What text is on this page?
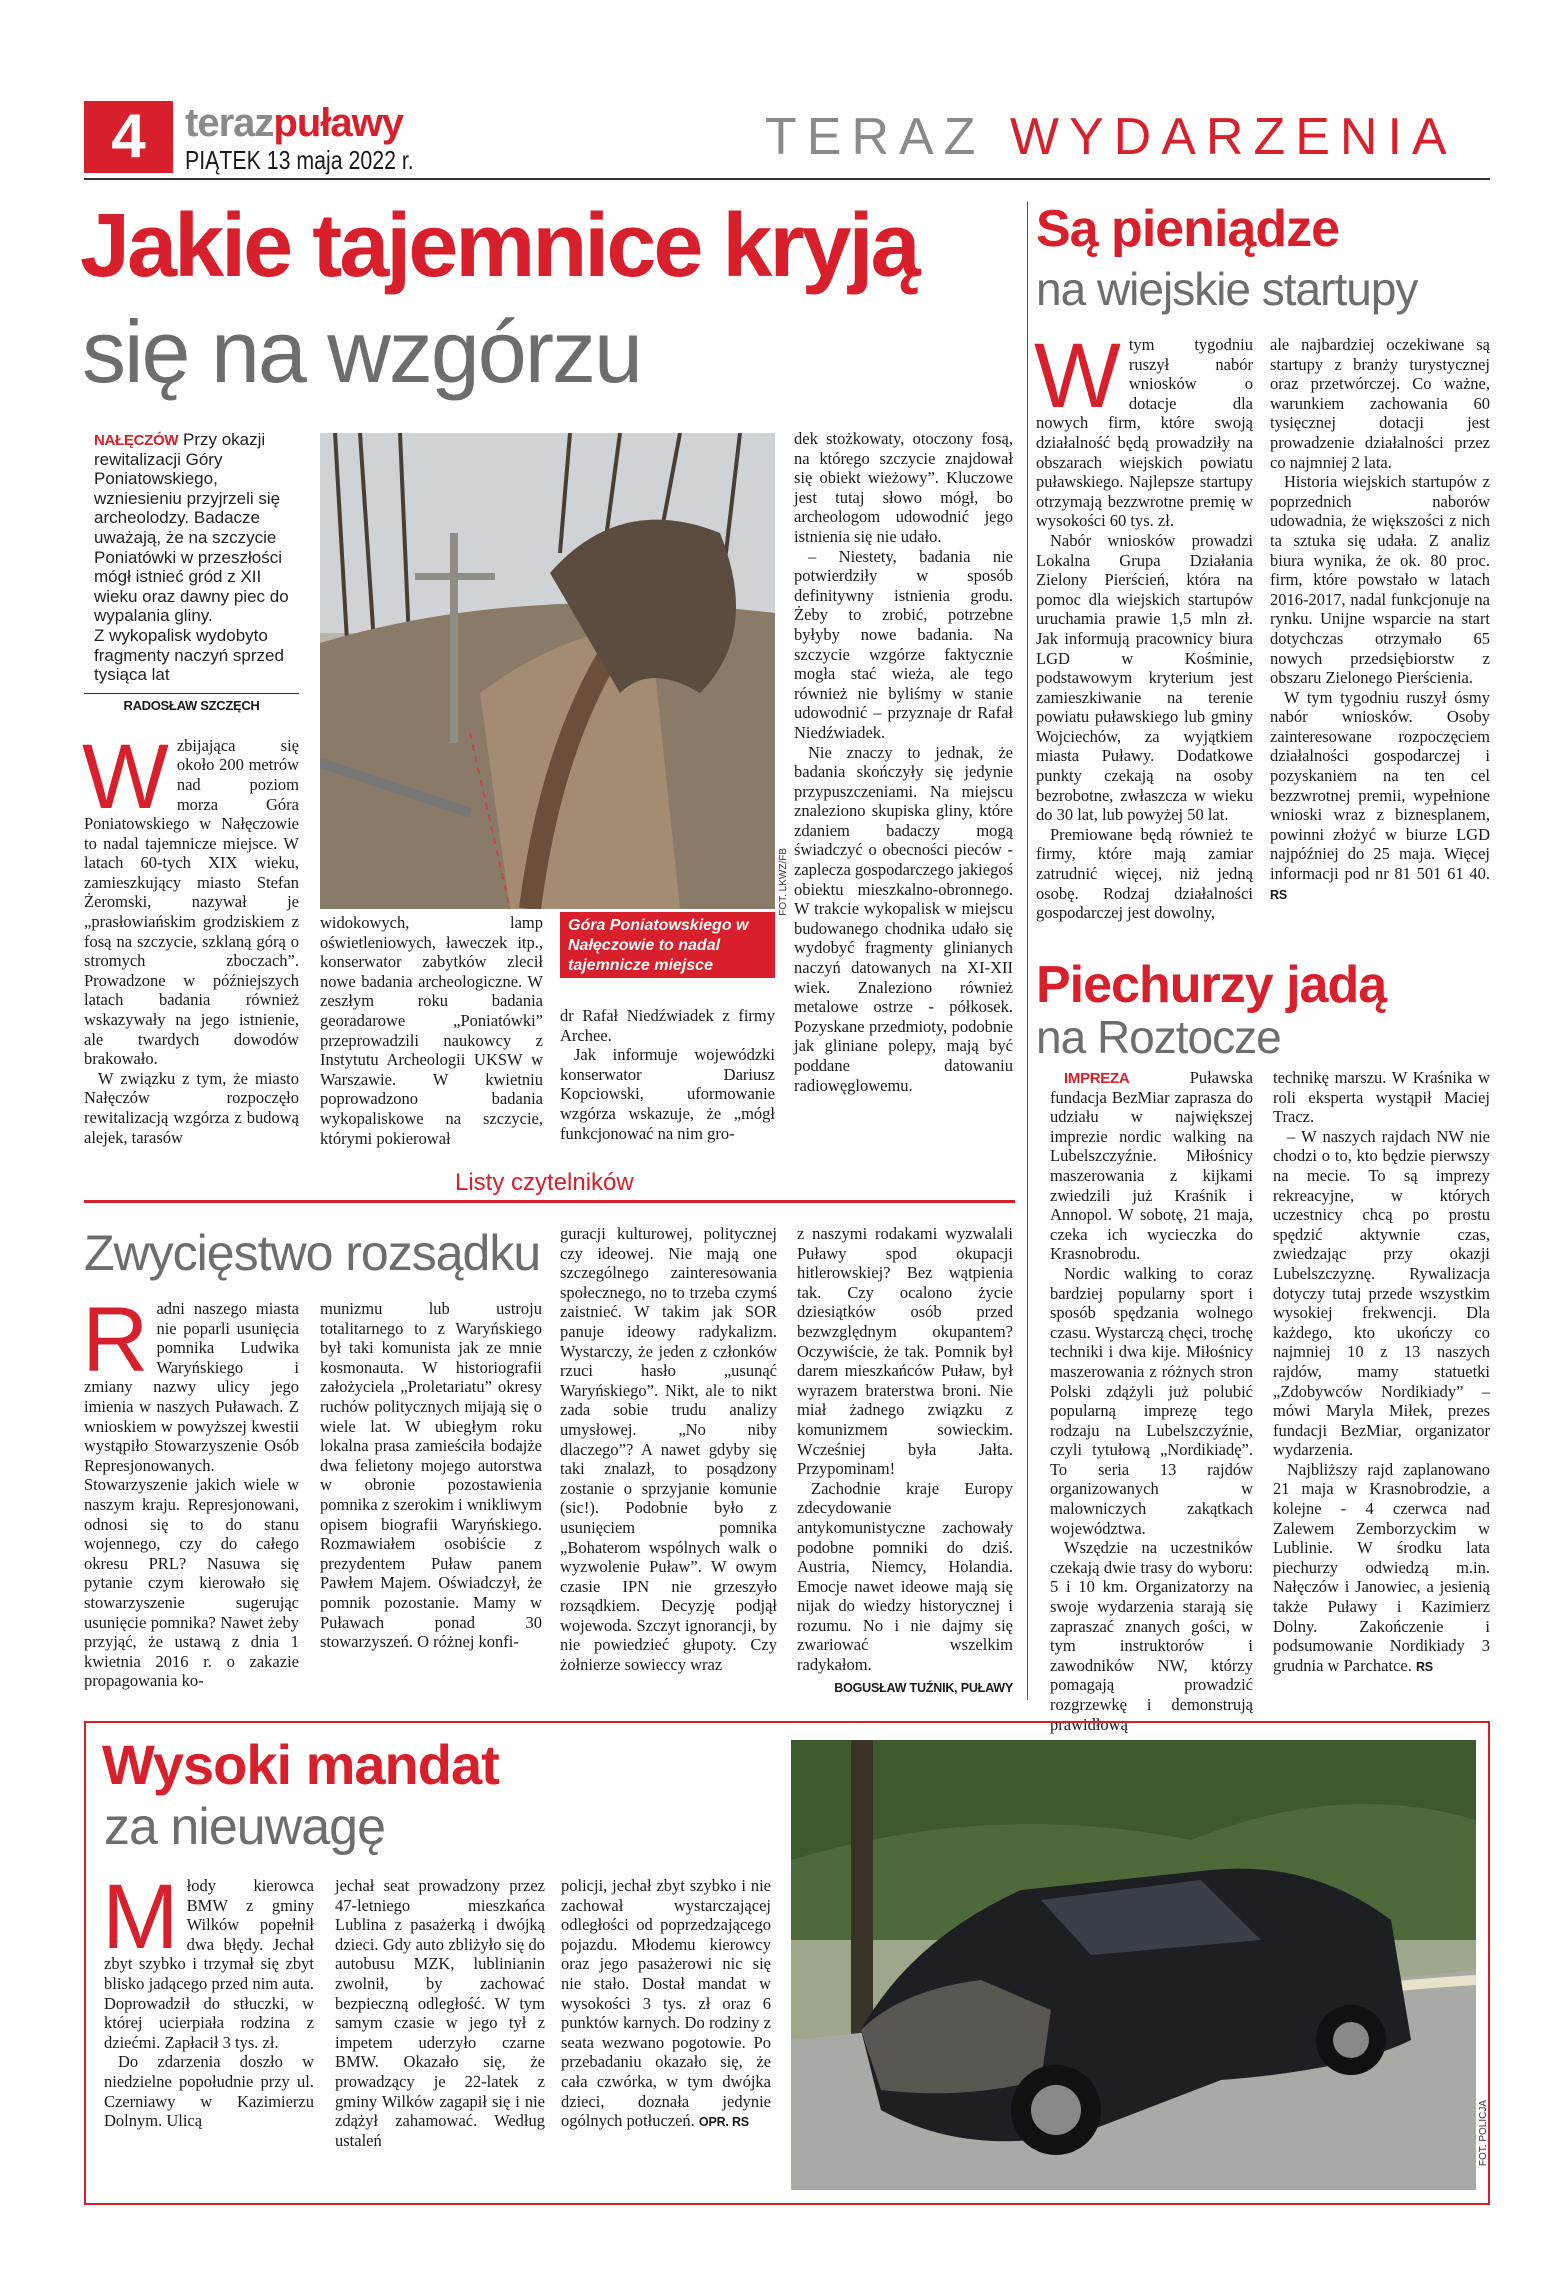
4 terazpuławy
PIĄTEK 13 maja 2022 r.	TERAZ WYDARZENIA
Jakie tajemnice kryją
się na wzgórzu
NAŁĘCZÓW Przy okazji rewitalizacji Góry Poniatowskiego, wzniesieniu przyjrzeli się archeolodzy. Badacze uważają, że na szczycie Poniatówki w przeszłości mógł istnieć gród z XII wieku oraz dawny piec do wypalania gliny.
Z wykopalisk wydobyto fragmenty naczyń sprzed tysiąca lat
RADOSŁAW SZCZĘCH
W zbijająca się około 200 metrów nad poziom morza Góra Poniatowskiego w Nałęczowie to nadal tajemnicze miejsce. W latach 60-tych XIX wieku, zamieszkujący miasto Stefan Żeromski, nazywał je „prasłowiańskim grodziskiem z fosą na szczycie, szklaną górą o stromych zboczach”. Prowadzone w późniejszych latach badania również wskazywały na jego istnienie, ale twardych dowodów brakowało.

W związku z tym, że miasto Nałęczów rozpoczęło rewitalizacją wzgórza z budową alejek, tarasów

FOT. LKWZ/FB
Góra Poniatowskiego w Nałęczowie to nadal tajemnicze miejsce

widokowych, lamp oświetleniowych, ławeczek itp., konserwator zabytków zlecił nowe badania archeologiczne. W zeszłym roku badania georadarowe „Poniatówki” przeprowadzili naukowcy z Instytutu Archeologii UKSW w Warszawie. W kwietniu poprowadzono badania wykopaliskowe na szczycie, którymi pokierował

dr Rafał Niedźwiadek z firmy Archee.

Jak informuje wojewódzki konserwator Dariusz Kopciowski, uformowanie wzgórza wskazuje, że „mógł funkcjonować na nim gro-

dek stożkowaty, otoczony fosą, na którego szczycie znajdował się obiekt wieżowy”. Kluczowe jest tutaj słowo mógł, bo archeologom udowodnić jego istnienia się nie udało.

– Niestety, badania nie potwierdziły w sposób definitywny istnienia grodu. Żeby to zrobić, potrzebne byłyby nowe badania. Na szczycie wzgórze faktycznie mogła stać wieża, ale tego również nie byliśmy w stanie udowodnić – przyznaje dr Rafał Niedźwiadek.

Nie znaczy to jednak, że badania skończyły się jedynie przypuszczeniami. Na miejscu znaleziono skupiska gliny, które zdaniem badaczy mogą świadczyć o obecności pieców - zaplecza gospodarczego jakiegoś obiektu mieszkalno-obronnego. W trakcie wykopalisk w miejscu budowanego chodnika udało się wydobyć fragmenty glinianych naczyń datowanych na XI-XII wiek. Znaleziono również metalowe ostrze - półkosek. Pozyskane przedmioty, podobnie jak gliniane polepy, mają być poddane datowaniu radiowęglowemu.

Są pieniądze
na wiejskie startupy
W tym tygodniu ruszył nabór wniosków o dotacje dla nowych firm, które swoją działalność będą prowadziły na obszarach wiejskich powiatu puławskiego. Najlepsze startupy otrzymają bezzwrotne premię w wysokości 60 tys. zł.

Nabór wniosków prowadzi Lokalna Grupa Działania Zielony Pierścień, która na pomoc dla wiejskich startupów uruchamia prawie 1,5 mln zł. Jak informują pracownicy biura LGD w Kośminie, podstawowym kryterium jest zamieszkiwanie na terenie powiatu puławskiego lub gminy Wojciechów, za wyjątkiem miasta Puławy. Dodatkowe punkty czekają na osoby bezrobotne, zwłaszcza w wieku do 30 lat, lub powyżej 50 lat.

Premiowane będą również te firmy, które mają zamiar zatrudnić więcej, niż jedną osobę. Rodzaj działalności gospodarczej jest dowolny,

ale najbardziej oczekiwane są startupy z branży turystycznej oraz przetwórczej. Co ważne, warunkiem zachowania 60 tysięcznej dotacji jest prowadzenie działalności przez co najmniej 2 lata.

Historia wiejskich startupów z poprzednich naborów udowadnia, że większości z nich ta sztuka się udała. Z analiz biura wynika, że ok. 80 proc. firm, które powstało w latach 2016-2017, nadal funkcjonuje na rynku. Unijne wsparcie na start dotychczas otrzymało 65 nowych przedsiębiorstw z obszaru Zielonego Pierścienia.

W tym tygodniu ruszył ósmy nabór wniosków. Osoby zainteresowane rozpoczęciem działalności gospodarczej i pozyskaniem na ten cel bezzwrotnej premii, wypełnione wnioski wraz z biznesplanem, powinni złożyć w biurze LGD najpóźniej do 25 maja. Więcej informacji pod nr 81 501 61 40. RS

Piechurzy jadą
na Roztocze

IMPREZA	Puławska fundacja BezMiar zaprasza do udziału w największej imprezie nordic walking na Lubelszczyźnie. Miłośnicy maszerowania z kijkami zwiedzili już Kraśnik i Annopol. W sobotę, 21 maja, czeka ich wycieczka do Krasnobrodu.

Nordic walking to coraz bardziej popularny sport i sposób spędzania wolnego czasu. Wystarczą chęci, trochę techniki i dwa kije. Miłośnicy maszerowania z różnych stron Polski zdążyli już polubić popularną imprezę tego rodzaju na Lubelszczyźnie, czyli tytułową „Nordikiadę”. To seria 13 rajdów organizowanych w malowniczych zakątkach województwa.

Wszędzie na uczestników czekają dwie trasy do wyboru: 5 i 10 km. Organizatorzy na swoje wydarzenia starają się zapraszać znanych gości, w tym instruktorów i zawodników NW, którzy pomagają prowadzić rozgrzewkę i demonstrują prawidłową

technikę marszu. W Kraśnika w roli eksperta wystąpił Maciej Tracz.

– W naszych rajdach NW nie chodzi o to, kto będzie pierwszy na mecie. To są imprezy rekreacyjne, w których uczestnicy chcą po prostu spędzić aktywnie czas, zwiedzając przy okazji Lubelszczyznę. Rywalizacja dotyczy tutaj przede wszystkim wysokiej frekwencji. Dla każdego, kto ukończy co najmniej 10 z 13 naszych rajdów, mamy statuetki „Zdobywców Nordikiady” – mówi Maryla Miłek, prezes fundacji BezMiar, organizator wydarzenia.

Najbliższy rajd zaplanowano 21 maja w Krasnobrodzie, a kolejne - 4 czerwca nad Zalewem Zemborzyckim w Lublinie. W środku lata piechurzy odwiedzą m.in. Nałęczów i Janowiec, a jesienią także Puławy i Kazimierz Dolny. Zakończenie i podsumowanie Nordikiady 3 grudnia w Parchatce. RS

Listy czytelników
Zwycięstwo rozsądku
R adni naszego miasta nie poparli usunięcia pomnika Ludwika Waryńskiego i zmiany nazwy ulicy jego imienia w naszych Puławach. Z wnioskiem w powyższej kwestii wystąpiło Stowarzyszenie Osób Represjonowanych. Stowarzyszenie jakich wiele w naszym kraju. Represjonowani, odnosi się to do stanu wojennego, czy do całego okresu PRL? Nasuwa się pytanie czym kierowało się stowarzyszenie sugerując usunięcie pomnika? Nawet żeby przyjąć, że ustawą z dnia 1 kwietnia 2016 r. o zakazie propagowania ko-

munizmu lub ustroju totalitarnego to z Waryńskiego był taki komunista jak ze mnie kosmonauta. W historiografii założyciela „Proletariatu” okresy ruchów politycznych mijają się o wiele lat. W ubiegłym roku lokalna prasa zamieściła bodajże dwa felietony mojego autorstwa w obronie pozostawienia pomnika z szerokim i wnikliwym opisem biografii Waryńskiego. Rozmawiałem osobiście z prezydentem Puław panem Pawłem Majem. Oświadczył, że pomnik pozostanie. Mamy w Puławach ponad 30 stowarzyszeń. O różnej konfi-

guracji kulturowej, politycznej czy ideowej. Nie mają one szczególnego zainteresowania społecznego, no to trzeba czymś zaistnieć. W takim jak SOR panuje ideowy radykalizm. Wystarczy, że jeden z członków rzuci hasło „usunąć Waryńskiego”. Nikt, ale to nikt zada sobie trudu analizy umysłowej. „No niby dlaczego”? A nawet gdyby się taki znalazł, to posądzony zostanie o sprzyjanie komunie (sic!). Podobnie było z usunięciem pomnika „Bohaterom wspólnych walk o wyzwolenie Puław”. W owym czasie IPN nie grzeszyło rozsądkiem. Decyzję podjął wojewoda. Szczyt ignorancji, by nie powiedzieć głupoty. Czy żołnierze sowieccy wraz

z naszymi rodakami wyzwalali Puławy spod okupacji hitlerowskiej? Bez wątpienia tak. Czy ocalono życie dziesiątków osób przed bezwzględnym okupantem? Oczywiście, że tak. Pomnik był darem mieszkańców Puław, był wyrazem braterstwa broni. Nie miał żadnego związku z komunizmem sowieckim. Wcześniej była Jałta. Przypominam!

Zachodnie kraje Europy zdecydowanie antykomunistyczne zachowały podobne pomniki do dziś. Austria, Niemcy, Holandia. Emocje nawet ideowe mają się nijak do wiedzy historycznej i rozumu. No i nie dajmy się zwariować wszelkim radykałom.

BOGUSŁAW TUŹNIK, PUŁAWY
Wysoki mandat
za nieuwagę
M łody kierowca BMW z gminy Wilków popełnił dwa błędy. Jechał zbyt szybko i trzymał się zbyt blisko jadącego przed nim auta. Doprowadził do stłuczki, w której ucierpiała rodzina z dziećmi. Zapłacił 3 tys. zł.

Do zdarzenia doszło w niedzielne popołudnie przy ul. Czerniawy w Kazimierzu Dolnym. Ulicą

jechał seat prowadzony przez 47-letniego mieszkańca Lublina z pasażerką i dwójką dzieci. Gdy auto zbliżyło się do autobusu MZK, lublinianin zwolnił, by zachować bezpieczną odległość. W tym samym czasie w jego tył z impetem uderzyło czarne BMW. Okazało się, że prowadzący je 22-latek z gminy Wilków zagapił się i nie zdążył zahamować. Według ustaleń

policji, jechał zbyt szybko i nie zachował wystarczającej odległości od poprzedzającego pojazdu. Młodemu kierowcy oraz jego pasażerowi nic się nie stało. Dostał mandat w wysokości 3 tys. zł oraz 6 punktów karnych. Do rodziny z seata wezwano pogotowie. Po przebadaniu okazało się, że cała czwórka, w tym dwójka dzieci, doznała jedynie ogólnych potłuczeń. OPR. RS	FOT. POLICJA
